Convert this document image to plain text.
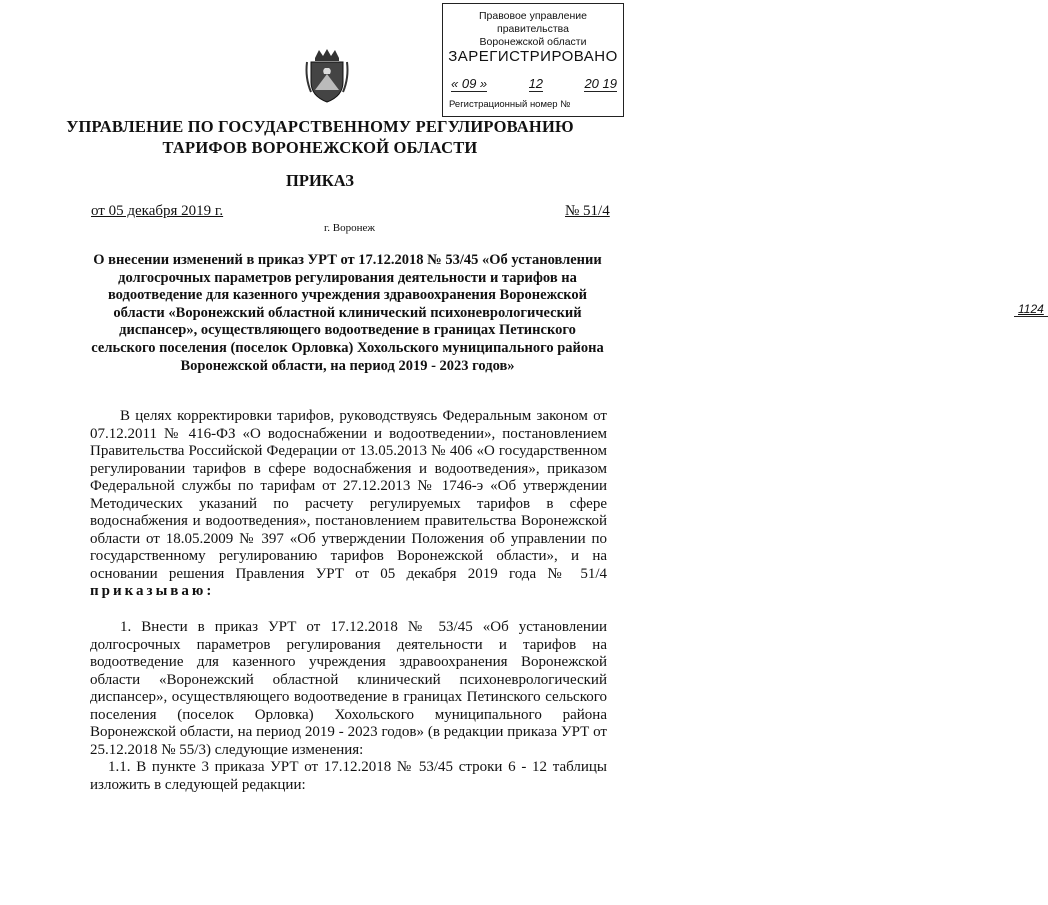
Правовое управление правительства
Воронежской области
ЗАРЕГИСТРИРОВАНО
« 09 »	12	20 19
Регистрационный номер №
1124
УПРАВЛЕНИЕ ПО ГОСУДАРСТВЕННОМУ РЕГУЛИРОВАНИЮ
ТАРИФОВ ВОРОНЕЖСКОЙ ОБЛАСТИ
ПРИКАЗ
от 05 декабря 2019 г.
г. Воронеж
№ 51/4
О внесении изменений в приказ УРТ от 17.12.2018 № 53/45 «Об установлении долгосрочных параметров регулирования деятельности и тарифов на водоотведение для казенного учреждения здравоохранения Воронежской области «Воронежский областной клинический психоневрологический диспансер», осуществляющего водоотведение в границах Петинского сельского поселения (поселок Орловка) Хохольского муниципального района Воронежской области, на период 2019 - 2023 годов»
В целях корректировки тарифов, руководствуясь Федеральным законом от 07.12.2011 № 416-ФЗ «О водоснабжении и водоотведении», постановлением Правительства Российской Федерации от 13.05.2013 № 406 «О государственном регулировании тарифов в сфере водоснабжения и водоотведения», приказом Федеральной службы по тарифам от 27.12.2013 № 1746-э «Об утверждении Методических указаний по расчету регулируемых тарифов в сфере водоснабжения и водоотведения», постановлением правительства Воронежской области от 18.05.2009 № 397 «Об утверждении Положения об управлении по государственному регулированию тарифов Воронежской области», и на основании решения Правления УРТ от 05 декабря 2019 года № 51/4 приказываю:
1. Внести в приказ УРТ от 17.12.2018 № 53/45 «Об установлении долгосрочных параметров регулирования деятельности и тарифов на водоотведение для казенного учреждения здравоохранения Воронежской области «Воронежский областной клинический психоневрологический диспансер», осуществляющего водоотведение в границах Петинского сельского поселения (поселок Орловка) Хохольского муниципального района Воронежской области, на период 2019 - 2023 годов» (в редакции приказа УРТ от 25.12.2018 № 55/3) следующие изменения:
1.1. В пункте 3 приказа УРТ от 17.12.2018 № 53/45 строки 6 - 12 таблицы изложить в следующей редакции:
